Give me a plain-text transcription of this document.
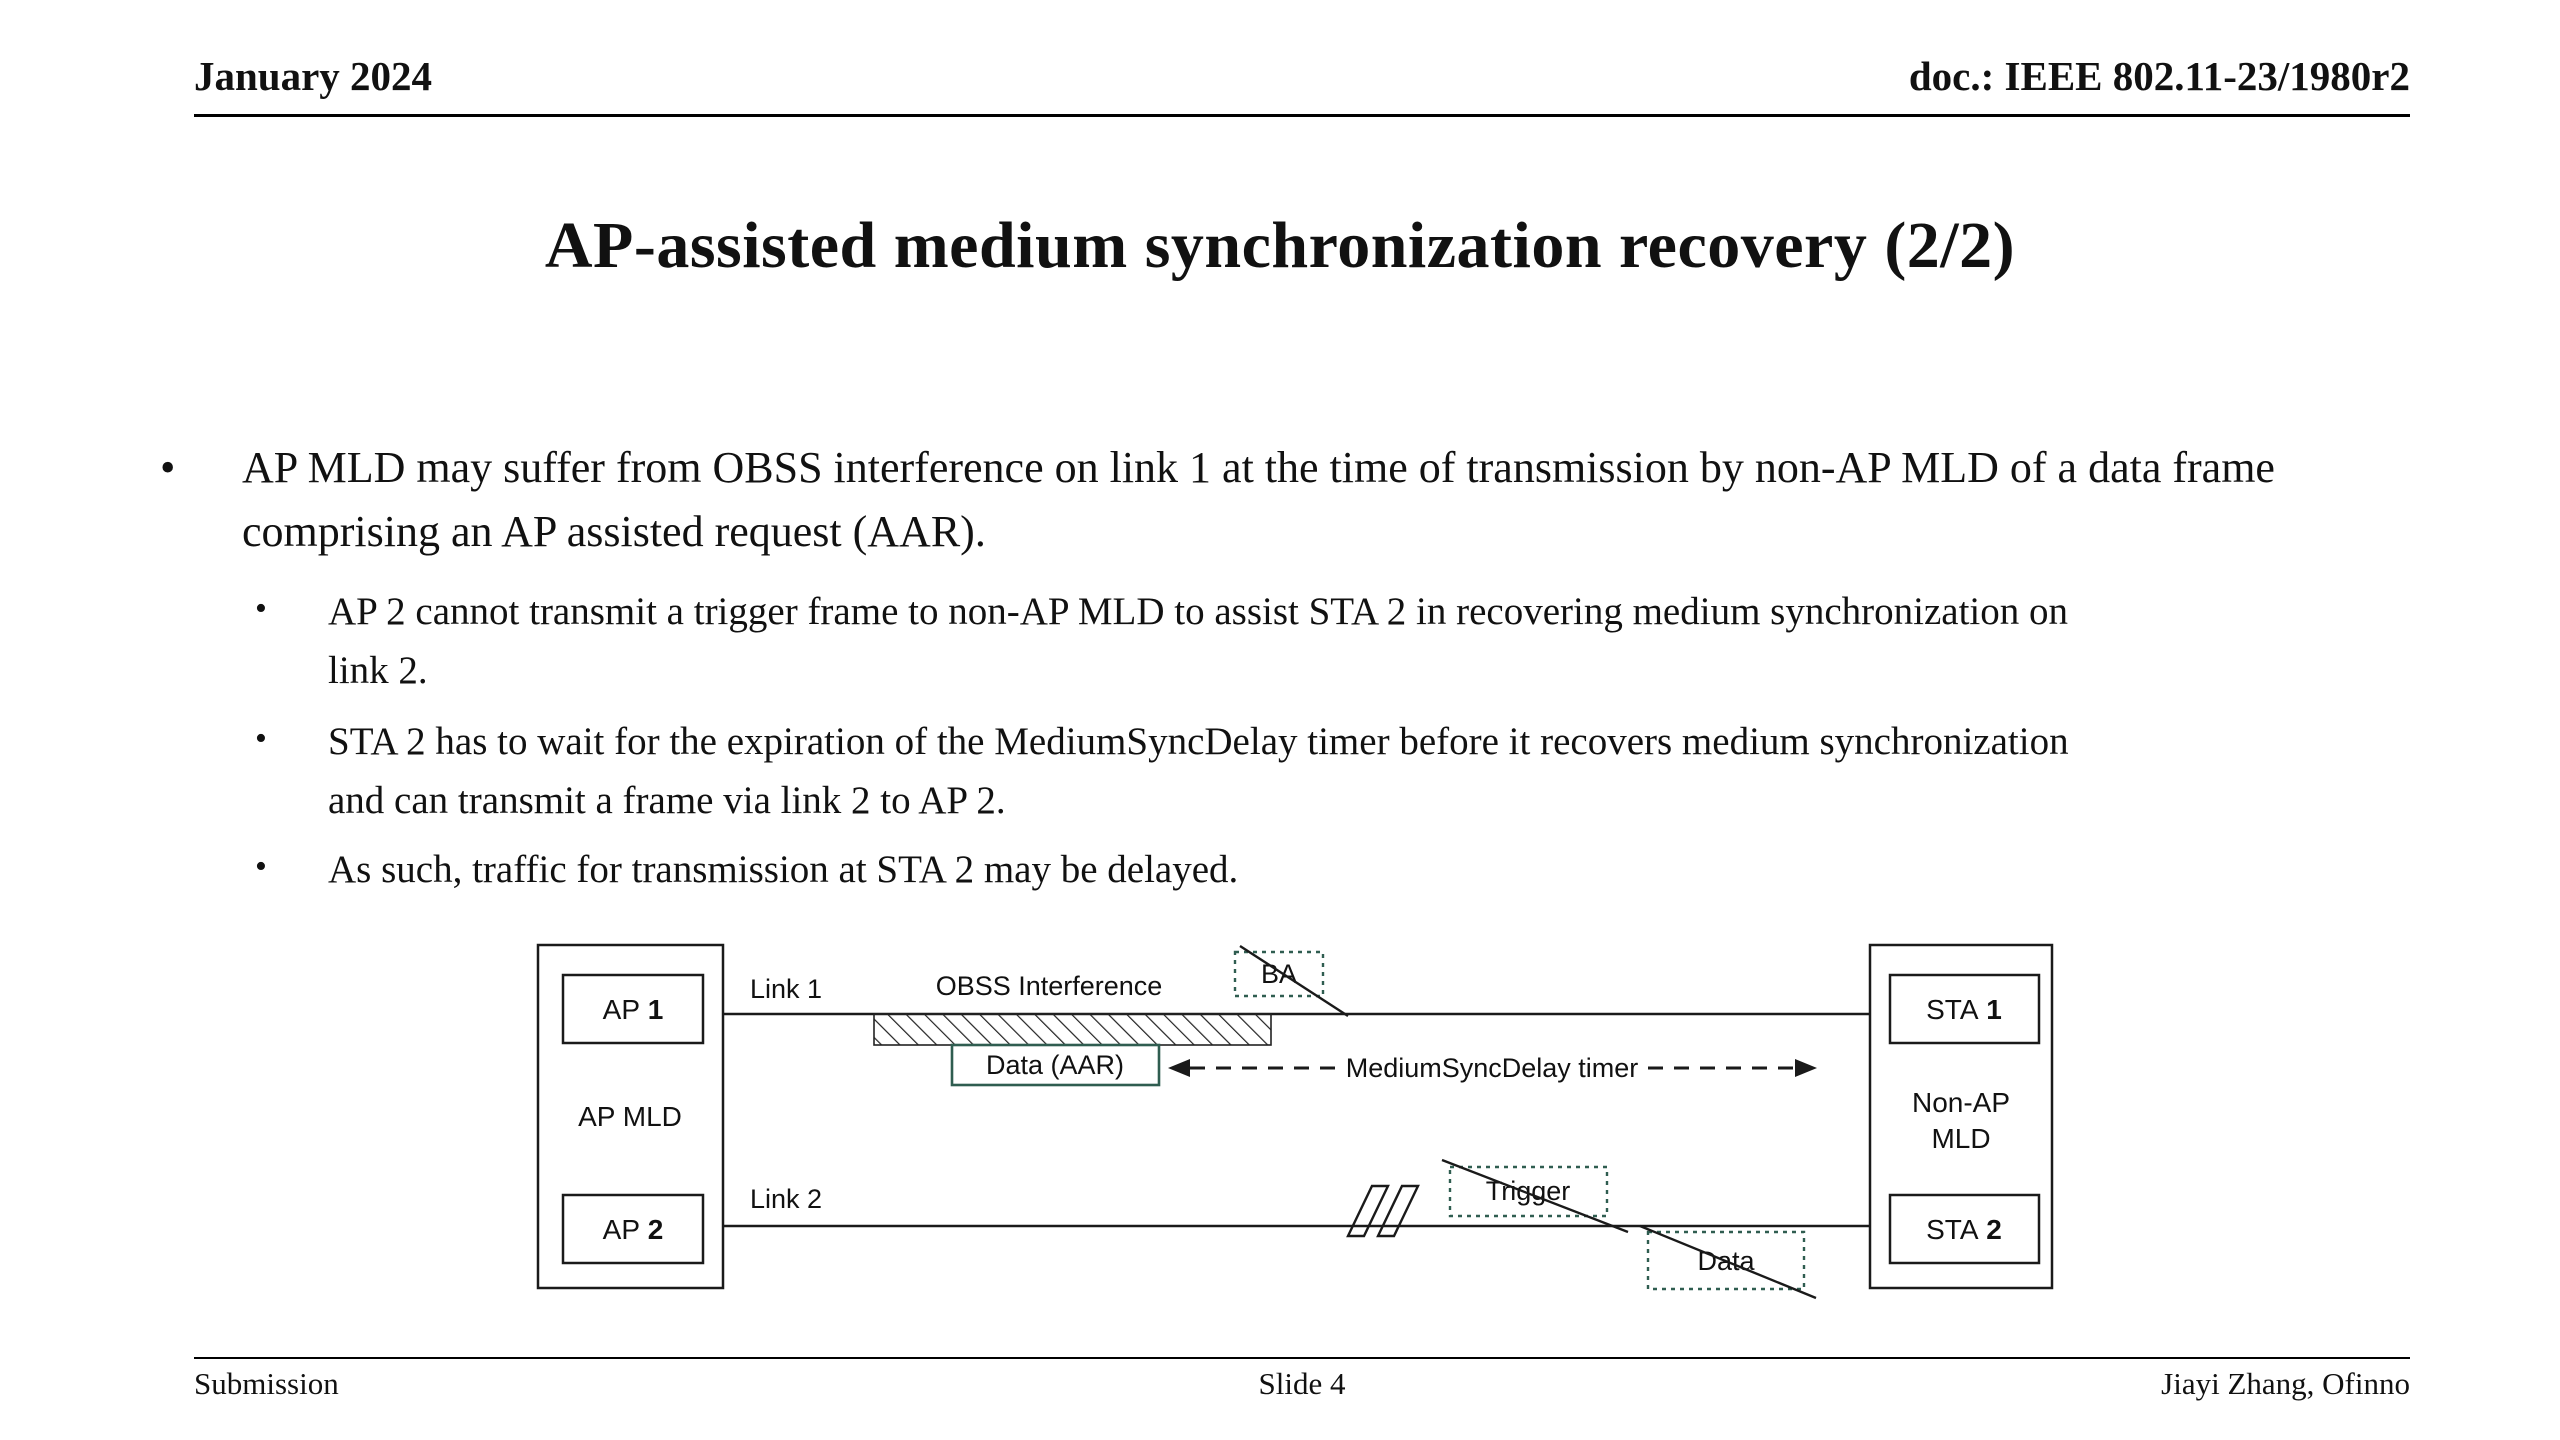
January 2024	doc.: IEEE 802.11-23/1980r2
AP-assisted medium synchronization recovery (2/2)
•	AP MLD may suffer from OBSS interference on link 1 at the time of transmission by non-AP MLD of a data frame comprising an AP assisted request (AAR).
•	AP 2 cannot transmit a trigger frame to non-AP MLD to assist STA 2 in recovering medium synchronization on link 2.
•	STA 2 has to wait for the expiration of the MediumSyncDelay timer before it recovers medium synchronization and can transmit a frame via link 2 to AP 2.
•	As such, traffic for transmission at STA 2 may be delayed.
OBSS Interference
Data (AAR)
BA
MediumSyncDelay timer
Link 1
Link 2	Trigger
Data
AP 1
AP 2
AP MLD
STA 1
STA 2
Non-AP
MLD
Submission	Slide 4	Jiayi Zhang, Ofinno
